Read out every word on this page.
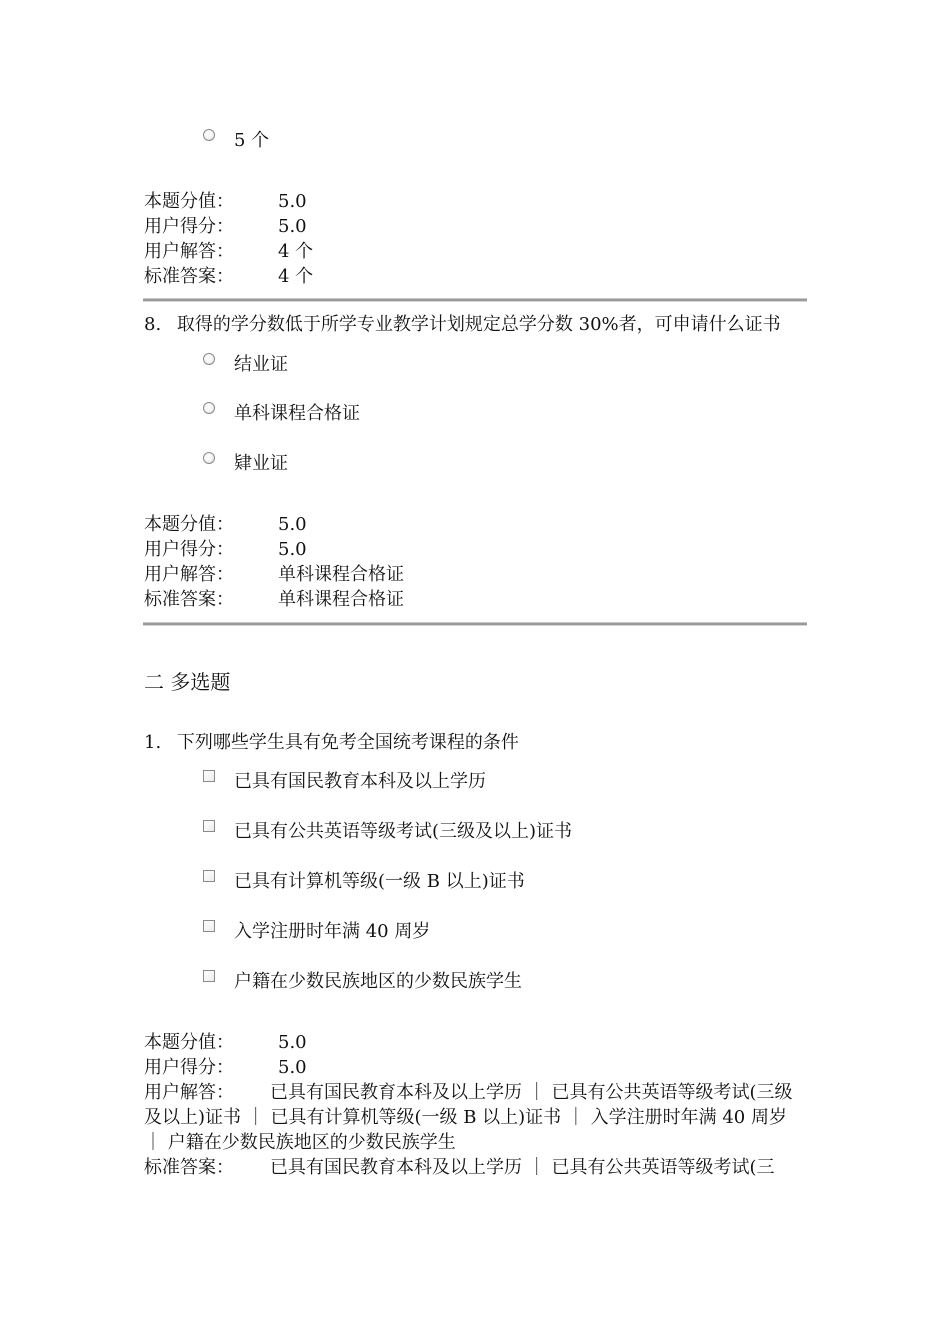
5 个
本题分值： 5.0
用户得分： 5.0
用户解答： 4 个
标准答案： 4 个
8. 取得的学分数低于所学专业教学计划规定总学分数 30%者，可申请什么证书
结业证
单科课程合格证
肄业证
本题分值： 5.0
用户得分： 5.0
用户解答： 单科课程合格证
标准答案： 单科课程合格证
二 多选题
1. 下列哪些学生具有免考全国统考课程的条件
已具有国民教育本科及以上学历
已具有公共英语等级考试(三级及以上)证书
已具有计算机等级(一级 B 以上)证书
入学注册时年满 40 周岁
户籍在少数民族地区的少数民族学生
本题分值： 5.0
用户得分： 5.0
用户解答： 已具有国民教育本科及以上学历 ｜ 已具有公共英语等级考试(三级及以上)证书 ｜ 已具有计算机等级(一级 B 以上)证书 ｜ 入学注册时年满 40 周岁 ｜ 户籍在少数民族地区的少数民族学生
标准答案： 已具有国民教育本科及以上学历 ｜ 已具有公共英语等级考试(三
